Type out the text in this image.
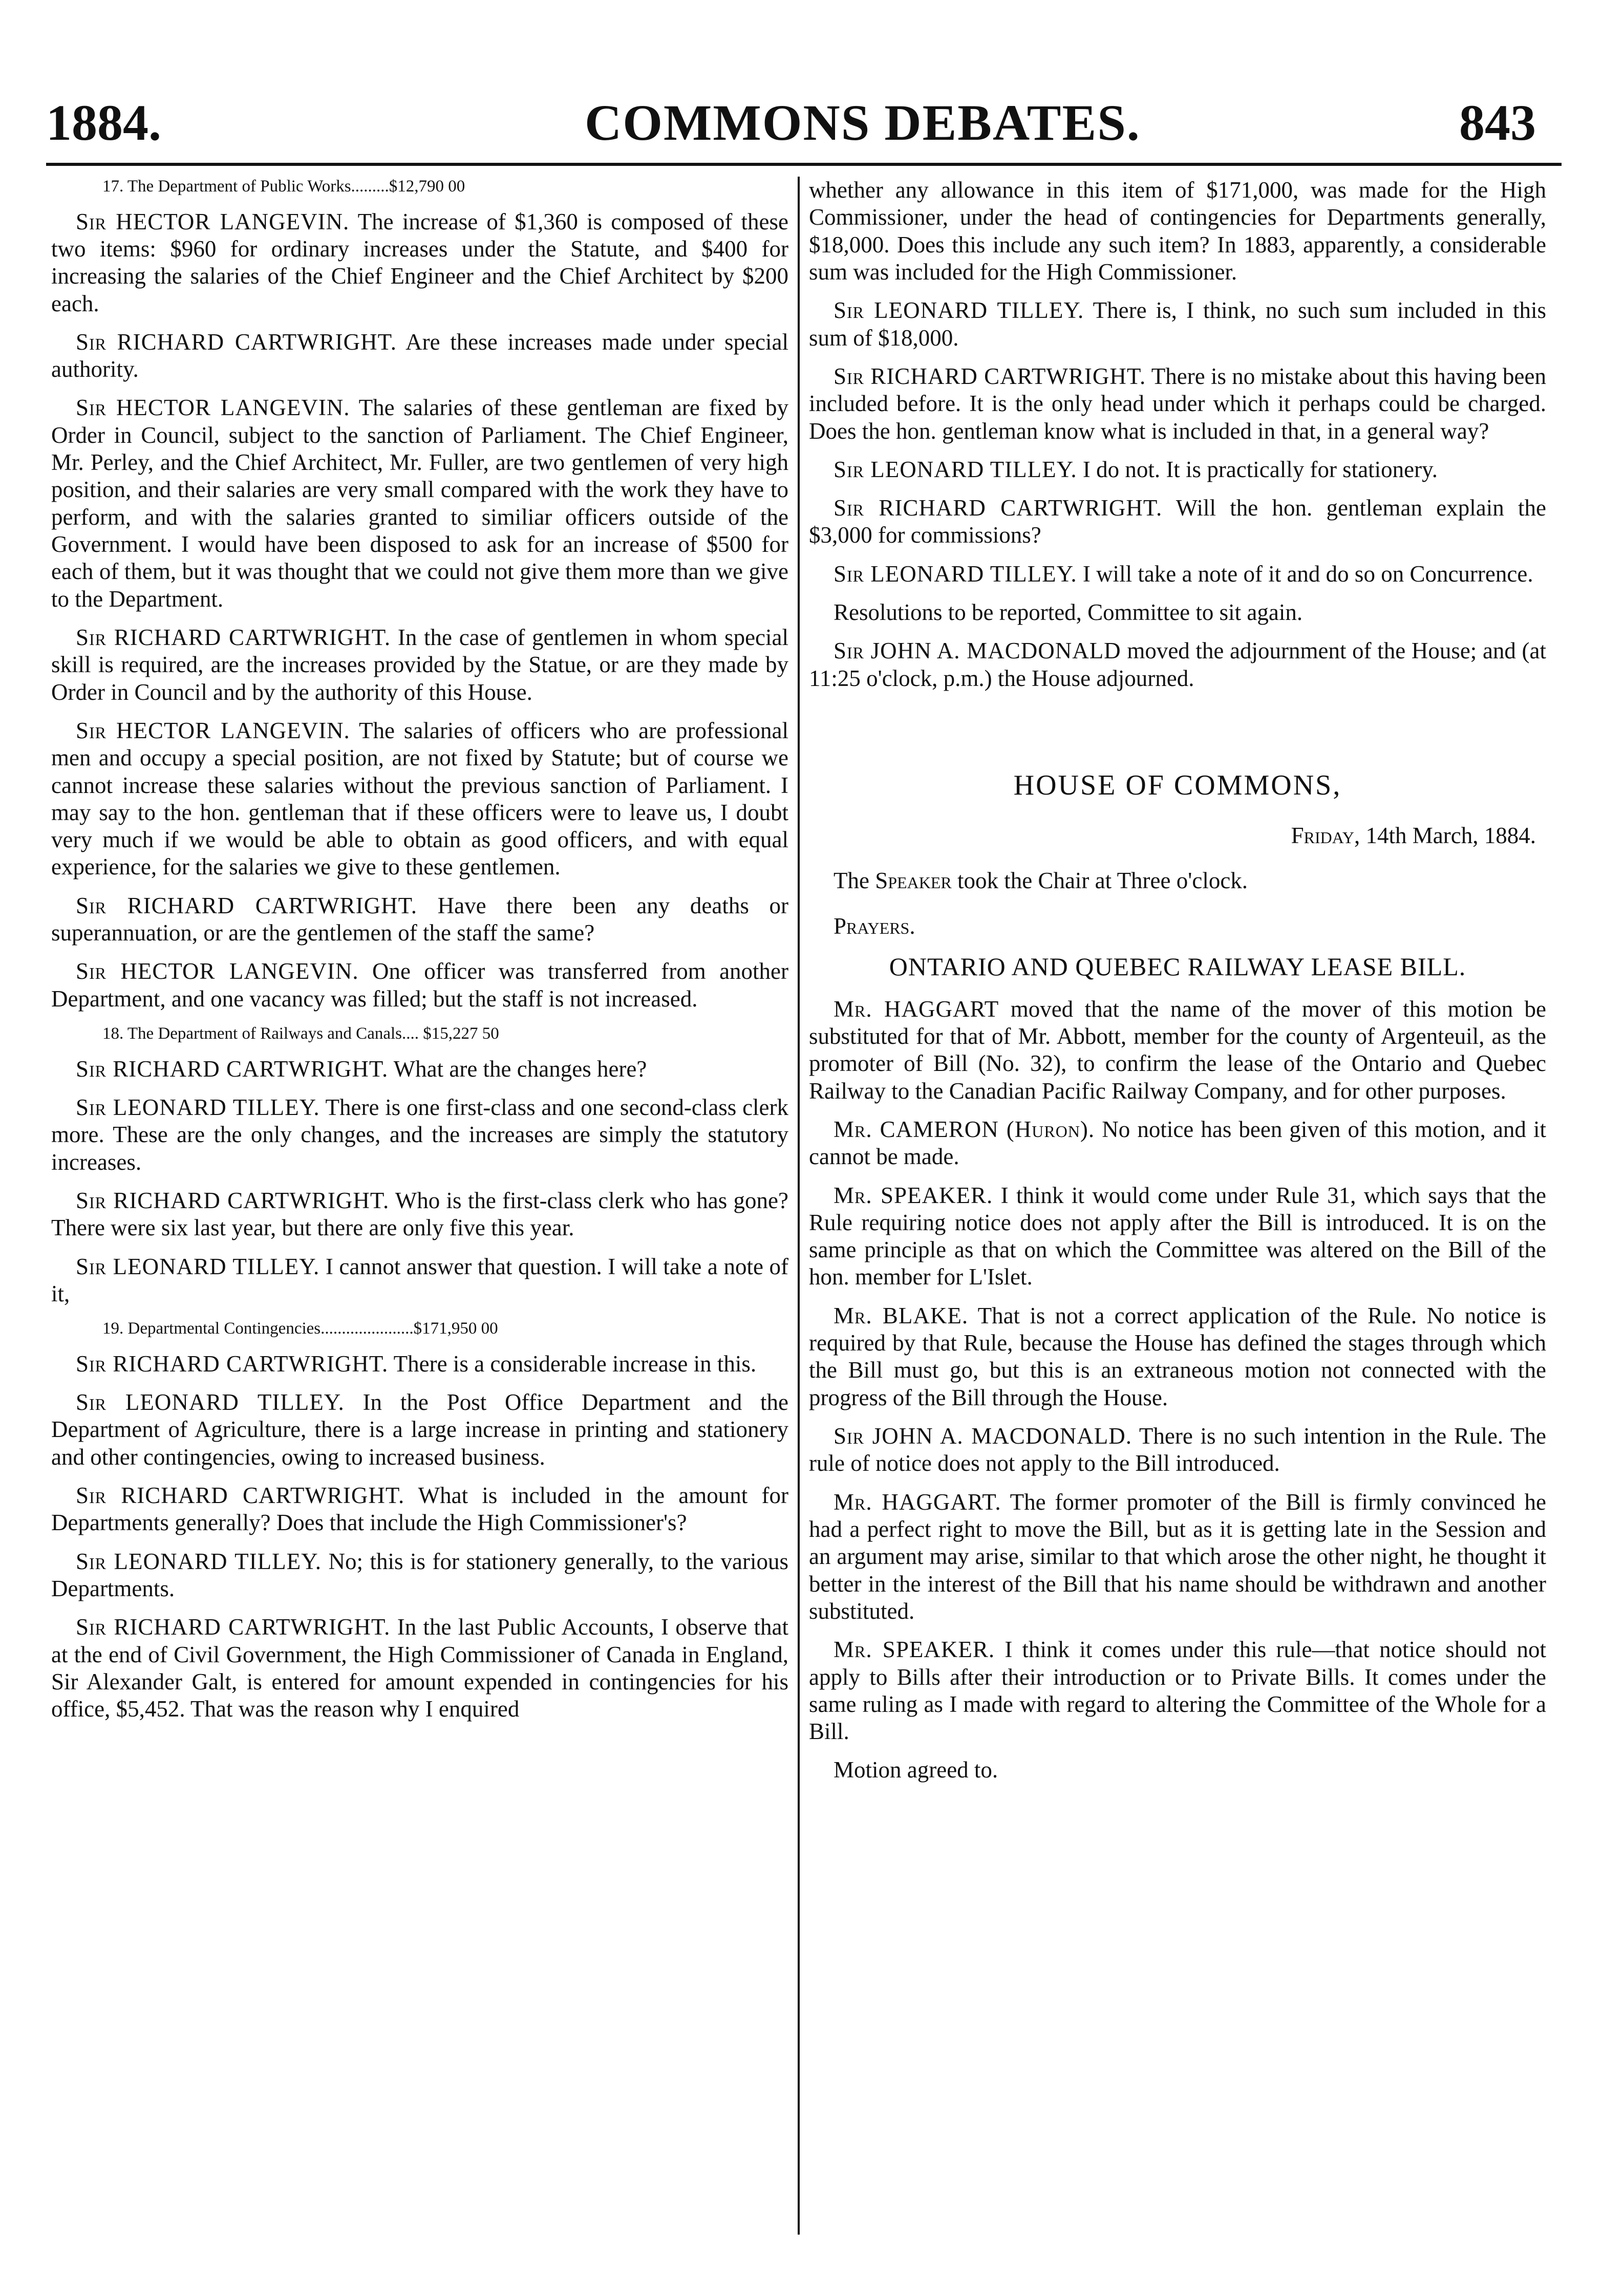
1884.	COMMONS DEBATES.	843
17. The Department of Public Works.........$12,790 00

Sir HECTOR LANGEVIN. The increase of $1,360 is composed of these two items: $960 for ordinary increases under the Statute, and $400 for increasing the salaries of the Chief Engineer and the Chief Architect by $200 each.

Sir RICHARD CARTWRIGHT. Are these increases made under special authority.

Sir HECTOR LANGEVIN. The salaries of these gentleman are fixed by Order in Council, subject to the sanction of Parliament. The Chief Engineer, Mr. Perley, and the Chief Architect, Mr. Fuller, are two gentlemen of very high position, and their salaries are very small compared with the work they have to perform, and with the salaries granted to similiar officers outside of the Government. I would have been disposed to ask for an increase of $500 for each of them, but it was thought that we could not give them more than we give to the Department.

Sir RICHARD CARTWRIGHT. In the case of gentlemen in whom special skill is required, are the increases provided by the Statue, or are they made by Order in Council and by the authority of this House.

Sir HECTOR LANGEVIN. The salaries of officers who are professional men and occupy a special position, are not fixed by Statute; but of course we cannot increase these salaries without the previous sanction of Parliament. I may say to the hon. gentleman that if these officers were to leave us, I doubt very much if we would be able to obtain as good officers, and with equal experience, for the salaries we give to these gentlemen.

Sir RICHARD CARTWRIGHT. Have there been any deaths or superannuation, or are the gentlemen of the staff the same?

Sir HECTOR LANGEVIN. One officer was transferred from another Department, and one vacancy was filled; but the staff is not increased.

18. The Department of Railways and Canals.... $15,227 50

Sir RICHARD CARTWRIGHT. What are the changes here?

Sir LEONARD TILLEY. There is one first-class and one second-class clerk more. These are the only changes, and the increases are simply the statutory increases.

Sir RICHARD CARTWRIGHT. Who is the first-class clerk who has gone? There were six last year, but there are only five this year.

Sir LEONARD TILLEY. I cannot answer that question. I will take a note of it,

19. Departmental Contingencies......................$171,950 00

Sir RICHARD CARTWRIGHT. There is a considerable increase in this.

Sir LEONARD TILLEY. In the Post Office Department and the Department of Agriculture, there is a large increase in printing and stationery and other contingencies, owing to increased business.

Sir RICHARD CARTWRIGHT. What is included in the amount for Departments generally? Does that include the High Commissioner's?

Sir LEONARD TILLEY. No; this is for stationery generally, to the various Departments.

Sir RICHARD CARTWRIGHT. In the last Public Accounts, I observe that at the end of Civil Government, the High Commissioner of Canada in England, Sir Alexander Galt, is entered for amount expended in contingencies for his office, $5,452. That was the reason why I enquired

whether any allowance in this item of $171,000, was made for the High Commissioner, under the head of contingencies for Departments generally, $18,000. Does this include any such item? In 1883, apparently, a considerable sum was included for the High Commissioner.

Sir LEONARD TILLEY. There is, I think, no such sum included in this sum of $18,000.

Sir RICHARD CARTWRIGHT. There is no mistake about this having been included before. It is the only head under which it perhaps could be charged. Does the hon. gentleman know what is included in that, in a general way?

Sir LEONARD TILLEY. I do not. It is practically for stationery.

Sir RICHARD CARTWRIGHT. Will the hon. gentleman explain the $3,000 for commissions?

Sir LEONARD TILLEY. I will take a note of it and do so on Concurrence.

Resolutions to be reported, Committee to sit again.

Sir JOHN A. MACDONALD moved the adjournment of the House; and (at 11:25 o'clock, p.m.) the House adjourned.

HOUSE OF COMMONS,
Friday, 14th March, 1884.

The Speaker took the Chair at Three o'clock.

Prayers.

ONTARIO AND QUEBEC RAILWAY LEASE BILL.

Mr. HAGGART moved that the name of the mover of this motion be substituted for that of Mr. Abbott, member for the county of Argenteuil, as the promoter of Bill (No. 32), to confirm the lease of the Ontario and Quebec Railway to the Canadian Pacific Railway Company, and for other purposes.

Mr. CAMERON (Huron). No notice has been given of this motion, and it cannot be made.

Mr. SPEAKER. I think it would come under Rule 31, which says that the Rule requiring notice does not apply after the Bill is introduced. It is on the same principle as that on which the Committee was altered on the Bill of the hon. member for L'Islet.

Mr. BLAKE. That is not a correct application of the Rule. No notice is required by that Rule, because the House has defined the stages through which the Bill must go, but this is an extraneous motion not connected with the progress of the Bill through the House.

Sir JOHN A. MACDONALD. There is no such intention in the Rule. The rule of notice does not apply to the Bill introduced.

Mr. HAGGART. The former promoter of the Bill is firmly convinced he had a perfect right to move the Bill, but as it is getting late in the Session and an argument may arise, similar to that which arose the other night, he thought it better in the interest of the Bill that his name should be withdrawn and another substituted.

Mr. SPEAKER. I think it comes under this rule—that notice should not apply to Bills after their introduction or to Private Bills. It comes under the same ruling as I made with regard to altering the Committee of the Whole for a Bill.

Motion agreed to.
